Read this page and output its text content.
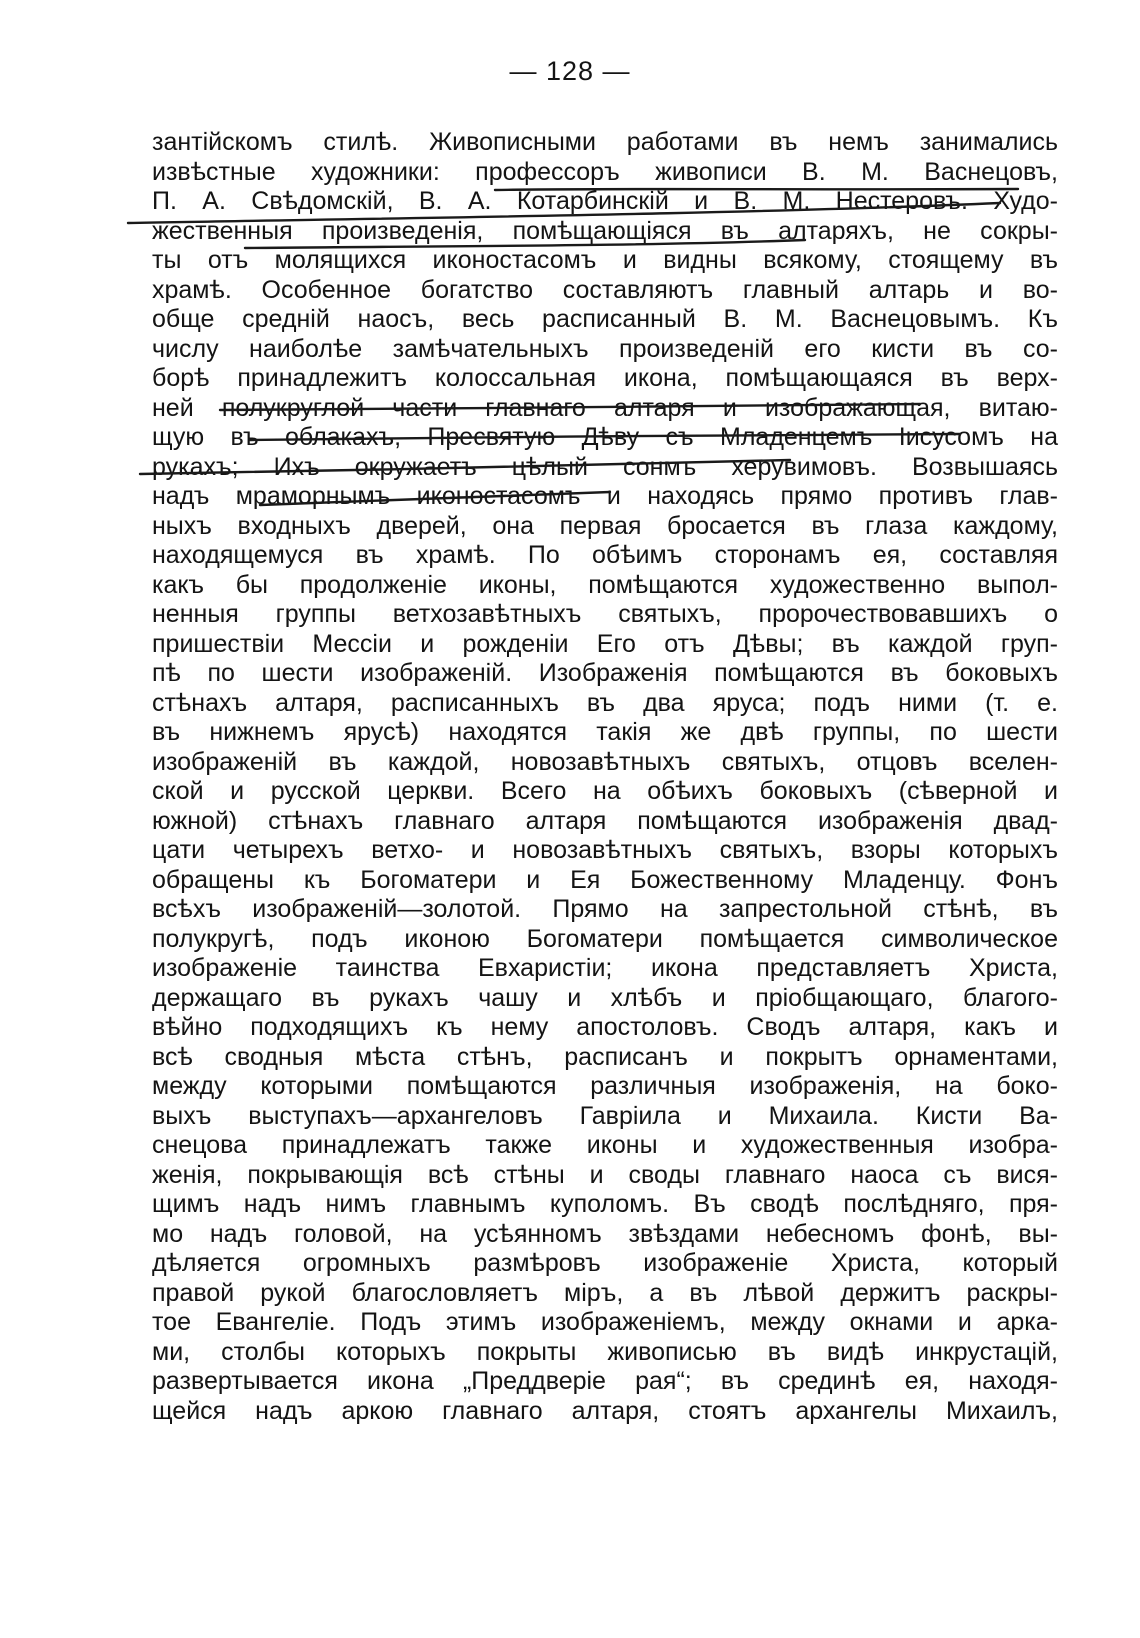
— 128 —
зантійскомъ стилѣ. Живописными работами въ немъ занимались
извѣстные художники: профессоръ живописи В. М. Васнецовъ,
П. А. Свѣдомскій, В. А. Котарбинскій и В. М. Нестеровъ. Худо-
жественныя произведенія, помѣщающіяся въ алтаряхъ, не сокры-
ты отъ молящихся иконостасомъ и видны всякому, стоящему въ
храмѣ. Особенное богатство составляютъ главный алтарь и во-
обще средній наосъ, весь расписанный В. М. Васнецовымъ. Къ
числу наиболѣе замѣчательныхъ произведеній его кисти въ со-
борѣ принадлежитъ колоссальная икона, помѣщающаяся въ верх-
ней полукруглой части главнаго алтаря и изображающая, витаю-
щую въ облакахъ, Пресвятую Дѣву съ Младенцемъ Іисусомъ на
рукахъ; Ихъ окружаетъ цѣлый сонмъ херувимовъ. Возвышаясь
надъ мраморнымъ иконостасомъ и находясь прямо противъ глав-
ныхъ входныхъ дверей, она первая бросается въ глаза каждому,
находящемуся въ храмѣ. По обѣимъ сторонамъ ея, составляя
какъ бы продолженіе иконы, помѣщаются художественно выпол-
ненныя группы ветхозавѣтныхъ святыхъ, пророчествовавшихъ о
пришествіи Мессіи и рожденіи Его отъ Дѣвы; въ каждой груп-
пѣ по шести изображеній. Изображенія помѣщаются въ боковыхъ
стѣнахъ алтаря, расписанныхъ въ два яруса; подъ ними (т. е.
въ нижнемъ ярусѣ) находятся такія же двѣ группы, по шести
изображеній въ каждой, новозавѣтныхъ святыхъ, отцовъ вселен-
ской и русской церкви. Всего на обѣихъ боковыхъ (сѣверной и
южной) стѣнахъ главнаго алтаря помѣщаются изображенія двад-
цати четырехъ ветхо- и новозавѣтныхъ святыхъ, взоры которыхъ
обращены къ Богоматери и Ея Божественному Младенцу. Фонъ
всѣхъ изображеній—золотой. Прямо на запрестольной стѣнѣ, въ
полукругѣ, подъ иконою Богоматери помѣщается символическое
изображеніе таинства Евхаристіи; икона представляетъ Христа,
держащаго въ рукахъ чашу и хлѣбъ и пріобщающаго, благого-
вѣйно подходящихъ къ нему апостоловъ. Сводъ алтаря, какъ и
всѣ сводныя мѣста стѣнъ, расписанъ и покрытъ орнаментами,
между которыми помѣщаются различныя изображенія, на боко-
выхъ выступахъ—архангеловъ Гавріила и Михаила. Кисти Ва-
снецова принадлежатъ также иконы и художественныя изобра-
женія, покрывающія всѣ стѣны и своды главнаго наоса съ вися-
щимъ надъ нимъ главнымъ куполомъ. Въ сводѣ послѣдняго, пря-
мо надъ головой, на усѣянномъ звѣздами небесномъ фонѣ, вы-
дѣляется огромныхъ размѣровъ изображеніе Христа, который
правой рукой благословляетъ міръ, а въ лѣвой держитъ раскры-
тое Евангеліе. Подъ этимъ изображеніемъ, между окнами и арка-
ми, столбы которыхъ покрыты живописью въ видѣ инкрустацій,
развертывается икона „Преддверіе рая“; въ срединѣ ея, находя-
щейся надъ аркою главнаго алтаря, стоятъ архангелы Михаилъ,
